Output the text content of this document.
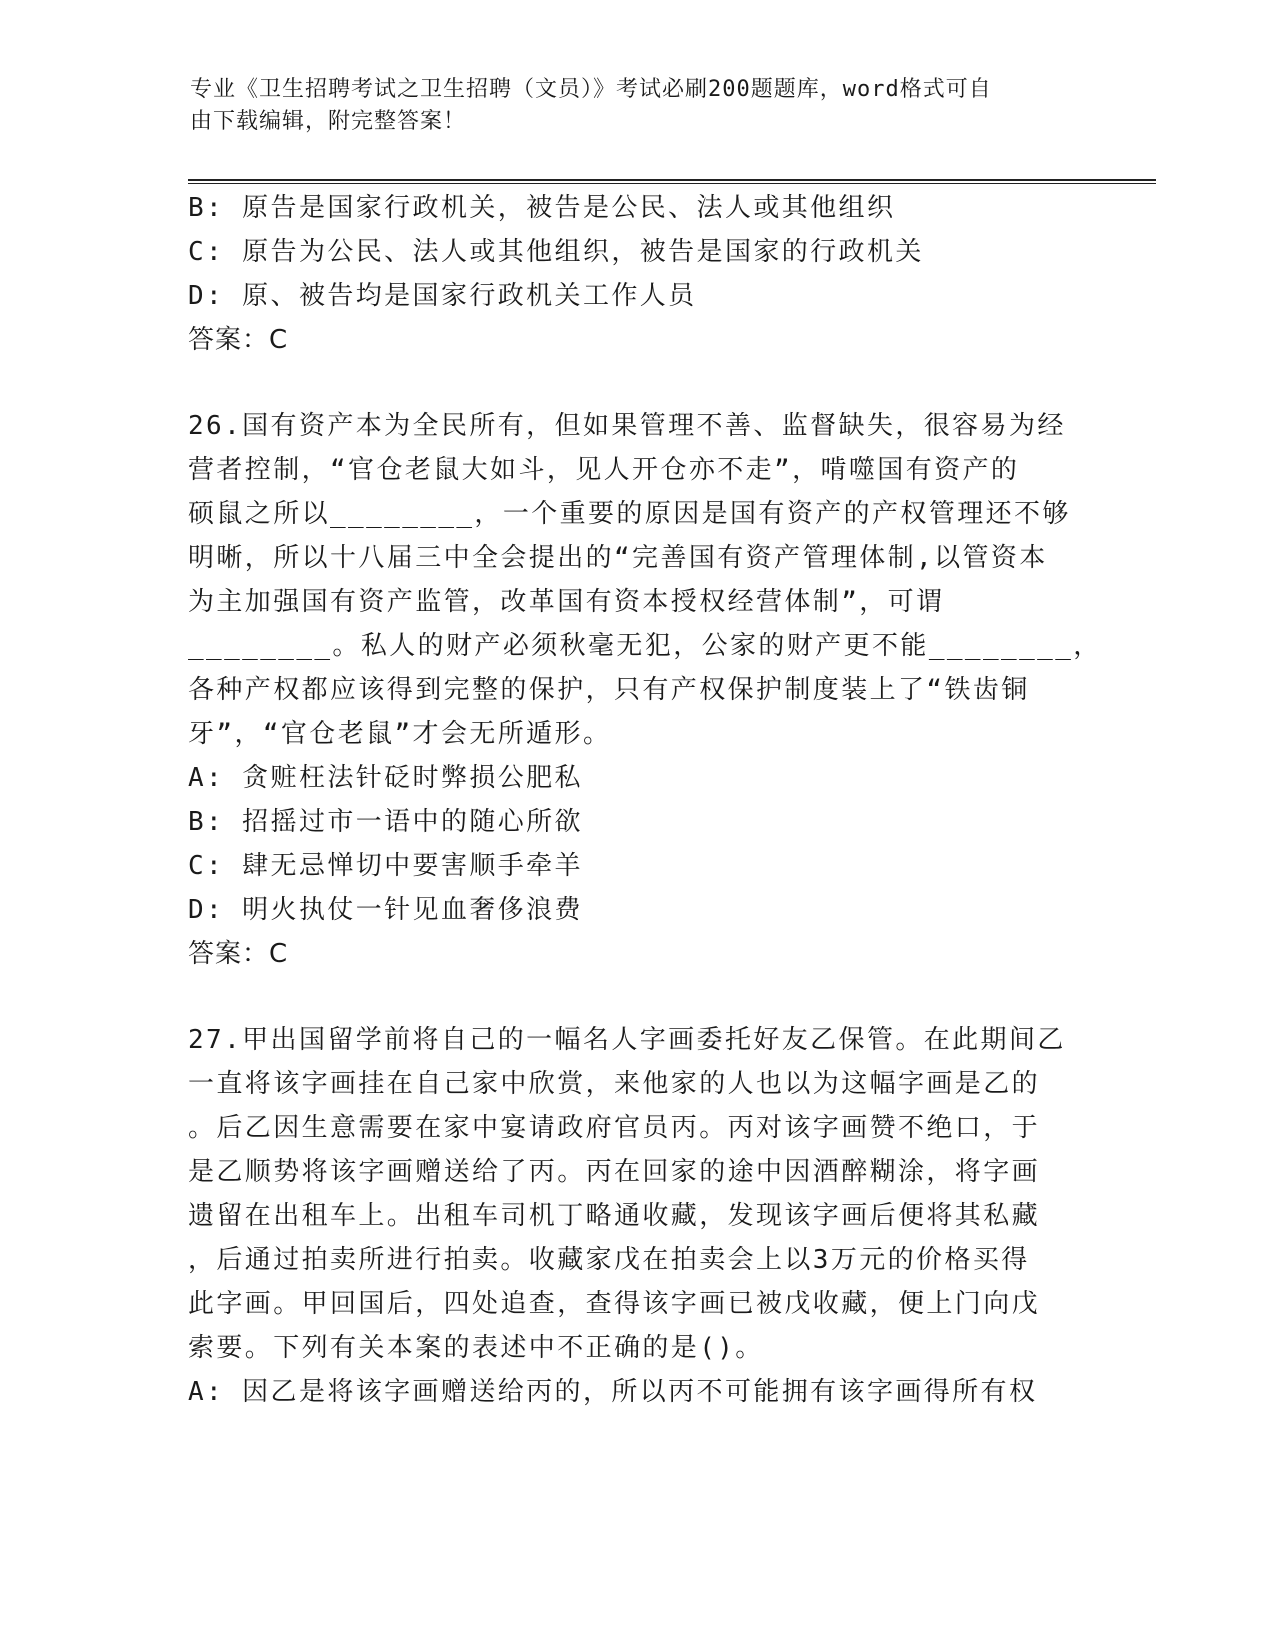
专业《卫生招聘考试之卫生招聘（文员）》考试必刷200题题库，word格式可自
由下载编辑，附完整答案！
B: 原告是国家行政机关，被告是公民、法人或其他组织
C: 原告为公民、法人或其他组织，被告是国家的行政机关
D: 原、被告均是国家行政机关工作人员
答案：C
26.国有资产本为全民所有，但如果管理不善、监督缺失，很容易为经
营者控制，“官仓老鼠大如斗，见人开仓亦不走”，啃噬国有资产的
硕鼠之所以________，一个重要的原因是国有资产的产权管理还不够
明晰，所以十八届三中全会提出的“完善国有资产管理体制,以管资本
为主加强国有资产监管，改革国有资本授权经营体制”，可谓
________。私人的财产必须秋毫无犯，公家的财产更不能________，
各种产权都应该得到完整的保护，只有产权保护制度装上了“铁齿铜
牙”，“官仓老鼠”才会无所遁形。
A: 贪赃枉法针砭时弊损公肥私
B: 招摇过市一语中的随心所欲
C: 肆无忌惮切中要害顺手牵羊
D: 明火执仗一针见血奢侈浪费
答案：C
27.甲出国留学前将自己的一幅名人字画委托好友乙保管。在此期间乙
一直将该字画挂在自己家中欣赏，来他家的人也以为这幅字画是乙的
。后乙因生意需要在家中宴请政府官员丙。丙对该字画赞不绝口，于
是乙顺势将该字画赠送给了丙。丙在回家的途中因酒醉糊涂，将字画
遗留在出租车上。出租车司机丁略通收藏，发现该字画后便将其私藏
，后通过拍卖所进行拍卖。收藏家戊在拍卖会上以3万元的价格买得
此字画。甲回国后，四处追查，查得该字画已被戊收藏，便上门向戊
索要。下列有关本案的表述中不正确的是()。
A: 因乙是将该字画赠送给丙的，所以丙不可能拥有该字画得所有权
